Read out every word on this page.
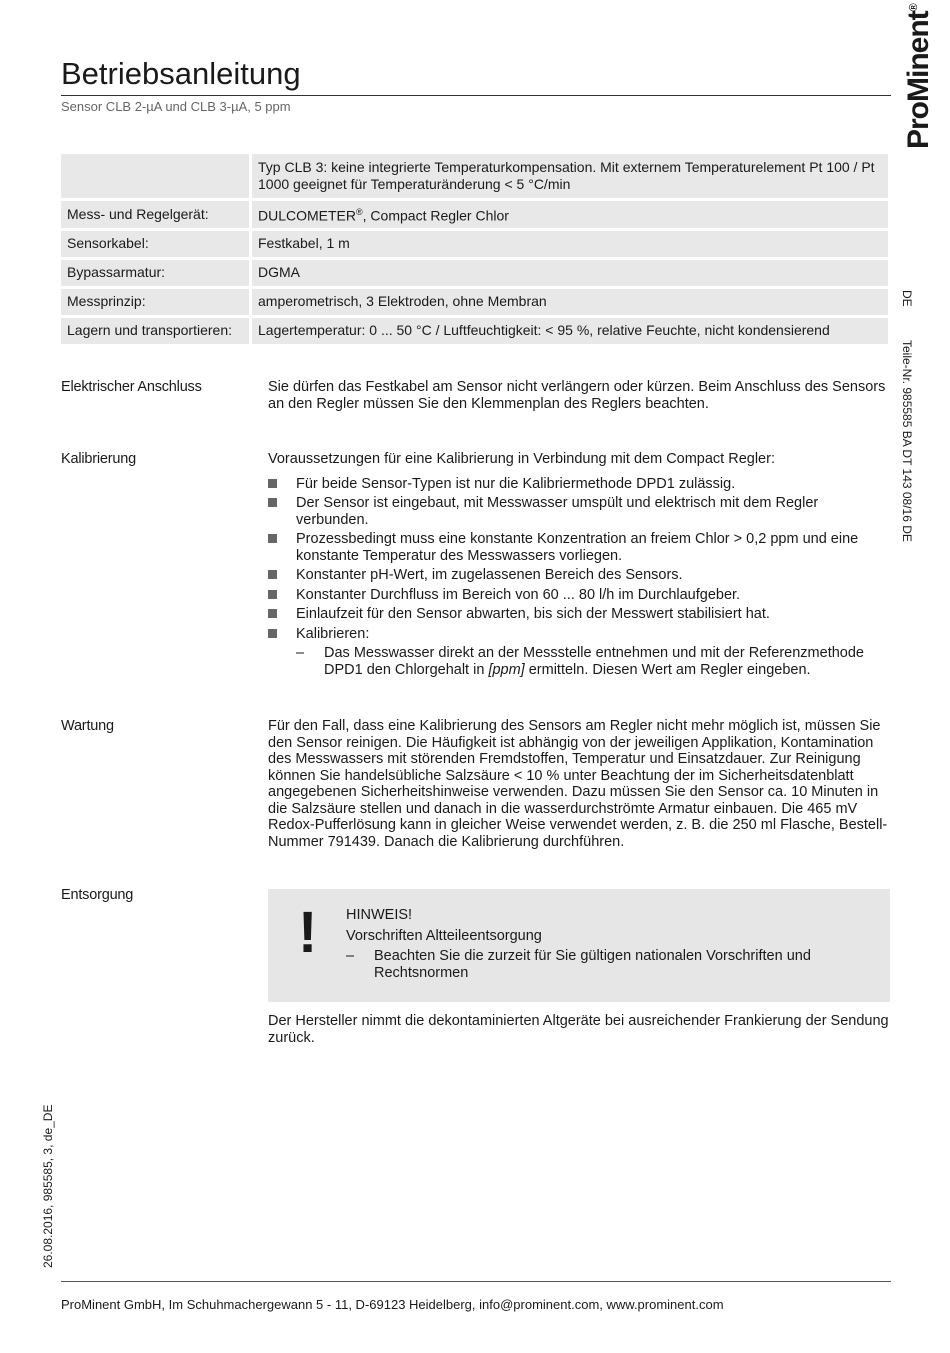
Betriebsanleitung
Sensor CLB 2-µA und CLB 3-µA, 5 ppm	ProMinent®
DE
Teile-Nr. 985585 BA DT 143 08/16 DE
26.08.2016, 985585, 3, de_DE
	Typ CLB 3: keine integrierte Temperaturkompensation. Mit externem Temperaturelement Pt 100 / Pt 1000 geeignet für Temperaturänderung < 5 °C/min
Mess- und Regelgerät:	DULCOMETER®, Compact Regler Chlor
Sensorkabel:	Festkabel, 1 m
Bypassarmatur:	DGMA
Messprinzip:	amperometrisch, 3 Elektroden, ohne Membran
Lagern und transportieren:	Lagertemperatur: 0 ... 50 °C / Luftfeuchtigkeit: < 95 %, relative Feuchte, nicht kondensierend
Elektrischer Anschluss	Sie dürfen das Festkabel am Sensor nicht verlängern oder kürzen. Beim Anschluss des Sensors an den Regler müssen Sie den Klemmenplan des Reglers beachten.

Kalibrierung	Voraussetzungen für eine Kalibrierung in Verbindung mit dem Compact Regler:

Für beide Sensor-Typen ist nur die Kalibriermethode DPD1 zulässig.
Der Sensor ist eingebaut, mit Messwasser umspült und elektrisch mit dem Regler verbunden.
Prozessbedingt muss eine konstante Konzentration an freiem Chlor > 0,2 ppm und eine konstante Temperatur des Messwassers vorliegen.
Konstanter pH-Wert, im zugelassenen Bereich des Sensors.
Konstanter Durchfluss im Bereich von 60 ... 80 l/h im Durchlaufgeber.
Einlaufzeit für den Sensor abwarten, bis sich der Messwert stabilisiert hat.
Kalibrieren:
– Das Messwasser direkt an der Messstelle entnehmen und mit der Referenzmethode DPD1 den Chlorgehalt in [ppm] ermitteln. Diesen Wert am Regler eingeben.
Wartung	Für den Fall, dass eine Kalibrierung des Sensors am Regler nicht mehr möglich ist, müssen Sie den Sensor reinigen. Die Häufigkeit ist abhängig von der jeweiligen Applikation, Kontamination des Messwassers mit störenden Fremdstoffen, Temperatur und Einsatzdauer. Zur Reinigung können Sie handelsübliche Salzsäure < 10 % unter Beachtung der im Sicherheitsdatenblatt angegebenen Sicherheitshinweise verwenden. Dazu müssen Sie den Sensor ca. 10 Minuten in die Salzsäure stellen und danach in die wasserdurchströmte Armatur einbauen. Die 465 mV Redox-Pufferlösung kann in gleicher Weise verwendet werden, z. B. die 250 ml Flasche, Bestell-Nummer 791439. Danach die Kalibrierung durchführen.

Entsorgung
! HINWEIS!
Vorschriften Altteileentsorgung
– Beachten Sie die zurzeit für Sie gültigen nationalen Vorschriften und Rechtsnormen

Der Hersteller nimmt die dekontaminierten Altgeräte bei ausreichender Frankierung der Sendung zurück.

ProMinent GmbH, Im Schuhmachergewann 5 - 11, D-69123 Heidelberg, info@prominent.com, www.prominent.com
